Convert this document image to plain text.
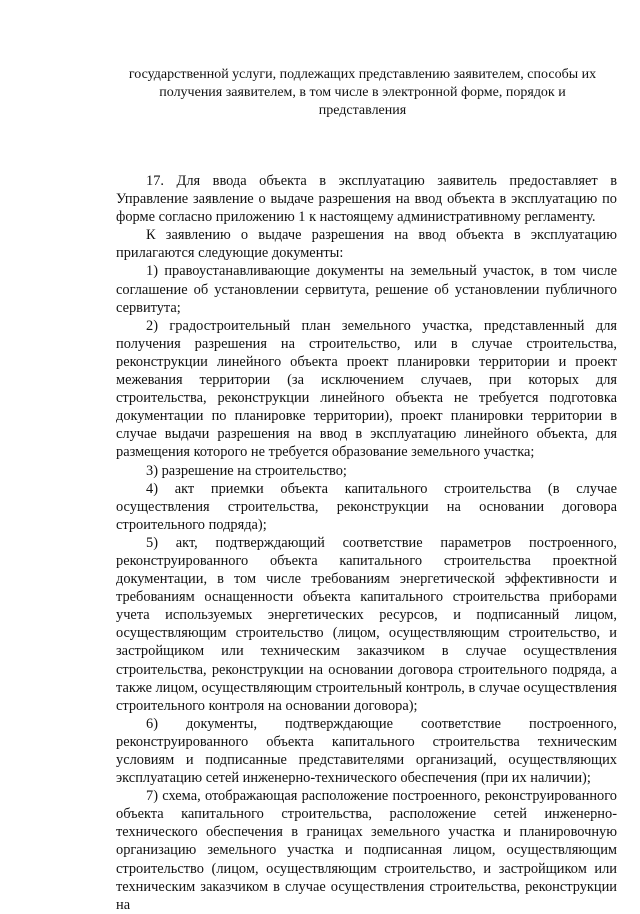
государственной услуги, подлежащих представлению заявителем, способы их
получения заявителем, в том числе в электронной форме, порядок и
представления

17. Для ввода объекта в эксплуатацию заявитель предоставляет в Управление заявление о выдаче разрешения на ввод объекта в эксплуатацию по форме согласно приложению 1 к настоящему административному регламенту.

К заявлению о выдаче разрешения на ввод объекта в эксплуатацию прилагаются следующие документы:

1) правоустанавливающие документы на земельный участок, в том числе соглашение об установлении сервитута, решение об установлении публичного сервитута;

2) градостроительный план земельного участка, представленный для получения разрешения на строительство, или в случае строительства, реконструкции линейного объекта проект планировки территории и проект межевания территории (за исключением случаев, при которых для строительства, реконструкции линейного объекта не требуется подготовка документации по планировке территории), проект планировки территории в случае выдачи разрешения на ввод в эксплуатацию линейного объекта, для размещения которого не требуется образование земельного участка;

3) разрешение на строительство;

4) акт приемки объекта капитального строительства (в случае осуществления строительства, реконструкции на основании договора строительного подряда);

5) акт, подтверждающий соответствие параметров построенного, реконструированного объекта капитального строительства проектной документации, в том числе требованиям энергетической эффективности и требованиям оснащенности объекта капитального строительства приборами учета используемых энергетических ресурсов, и подписанный лицом, осуществляющим строительство (лицом, осуществляющим строительство, и застройщиком или техническим заказчиком в случае осуществления строительства, реконструкции на основании договора строительного подряда, а также лицом, осуществляющим строительный контроль, в случае осуществления строительного контроля на основании договора);

6) документы, подтверждающие соответствие построенного, реконструированного объекта капитального строительства техническим условиям и подписанные представителями организаций, осуществляющих эксплуатацию сетей инженерно-технического обеспечения (при их наличии);

7) схема, отображающая расположение построенного, реконструированного объекта капитального строительства, расположение сетей инженерно-технического обеспечения в границах земельного участка и планировочную организацию земельного участка и подписанная лицом, осуществляющим строительство (лицом, осуществляющим строительство, и застройщиком или техническим заказчиком в случае осуществления строительства, реконструкции на
